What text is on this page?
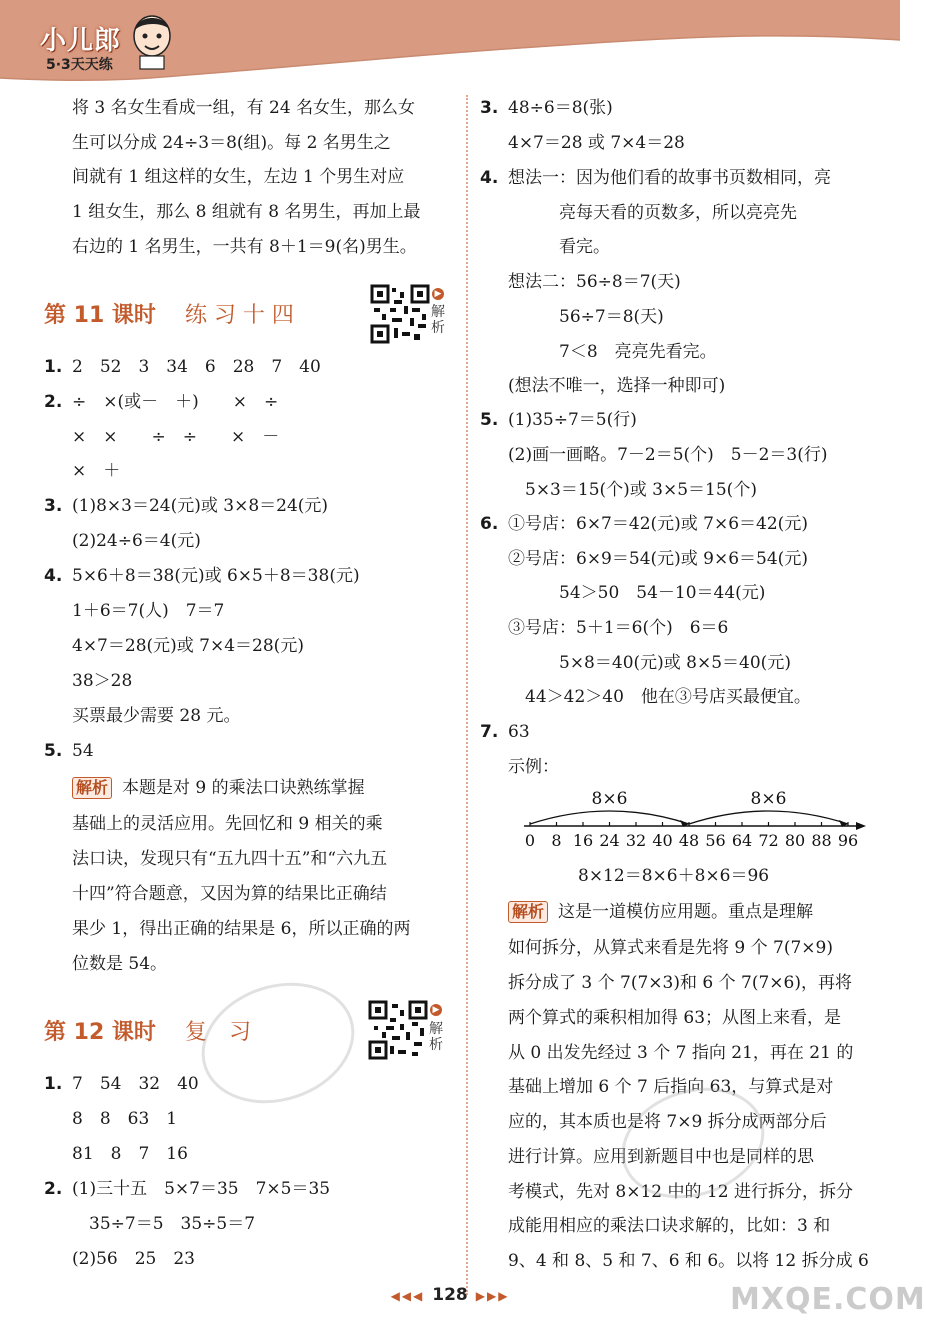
小儿郎
5·3天天练
将 3 名女生看成一组，有 24 名女生，那么女
生可以分成 24÷3＝8(组)。每 2 名男生之
间就有 1 组这样的女生，左边 1 个男生对应
1 组女生，那么 8 组就有 8 名男生，再加上最
右边的 1 名男生，一共有 8＋1＝9(名)男生。
第 11 课时 练 习 十 四
▶
解析
1. 2　52　3　34　6　28　7　40
2. ÷　×(或－　＋)　　×　÷
×　×　　÷　÷　　×　－
×　＋
3. (1)8×3＝24(元)或 3×8＝24(元)
(2)24÷6＝4(元)
4. 5×6＋8＝38(元)或 6×5＋8＝38(元)
1＋6＝7(人)　7＝7
4×7＝28(元)或 7×4＝28(元)
38＞28
买票最少需要 28 元。
5. 54
解析 本题是对 9 的乘法口诀熟练掌握
基础上的灵活应用。先回忆和 9 相关的乘
法口诀，发现只有“五九四十五”和“六九五
十四”符合题意，又因为算的结果比正确结
果少 1，得出正确的结果是 6，所以正确的两
位数是 54。
第 12 课时 复　习
▶
解析
1. 7　54　32　40
8　8　63　1
81　8　7　16
2. (1)三十五　5×7＝35　7×5＝35
　35÷7＝5　35÷5＝7
(2)56　25　23
3. 48÷6＝8(张)
4×7＝28 或 7×4＝28
4. 想法一：因为他们看的故事书页数相同，亮
　　　亮每天看的页数多，所以亮亮先
　　　看完。
想法二：56÷8＝7(天)
　　　56÷7＝8(天)
　　　7＜8　亮亮先看完。
(想法不唯一，选择一种即可)
5. (1)35÷7＝5(行)
(2)画一画略。7－2＝5(个)　5－2＝3(行)
　5×3＝15(个)或 3×5＝15(个)
6. ①号店：6×7＝42(元)或 7×6＝42(元)
②号店：6×9＝54(元)或 9×6＝54(元)
　　　54＞50　54－10＝44(元)
③号店：5＋1＝6(个)　6＝6
　　　5×8＝40(元)或 8×5＝40(元)
　44＞42＞40　他在③号店买最便宜。
7. 63
示例：
0 8 16 24 32 40 48 56 64 72 80 88 96
8×6	8×6
8×12＝8×6＋8×6＝96
解析 这是一道模仿应用题。重点是理解
如何拆分，从算式来看是先将 9 个 7(7×9)
拆分成了 3 个 7(7×3)和 6 个 7(7×6)，再将
两个算式的乘积相加得 63；从图上来看，是
从 0 出发先经过 3 个 7 指向 21，再在 21 的
基础上增加 6 个 7 后指向 63，与算式是对
应的，其本质也是将 7×9 拆分成两部分后
进行计算。应用到新题目中也是同样的思
考模式，先对 8×12 中的 12 进行拆分，拆分
成能用相应的乘法口诀求解的，比如：3 和
9、4 和 8、5 和 7、6 和 6。以将 12 拆分成 6
MXQE.COM
◀◀◀ 128 ▶▶▶
